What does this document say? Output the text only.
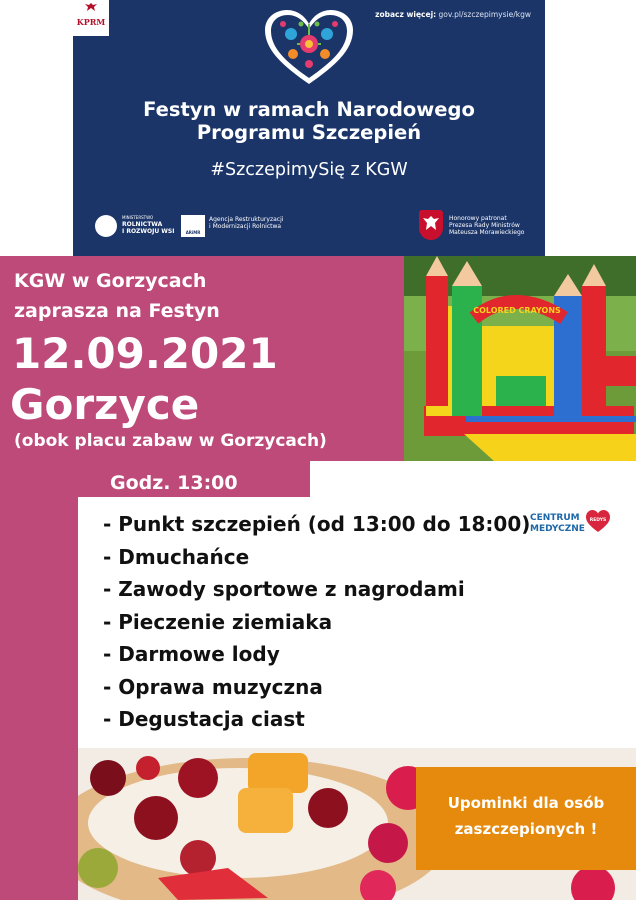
KPRM
zobacz więcej: gov.pl/szczepimysie/kgw
Festyn w ramach Narodowego
Programu Szczepień
#SzczepimySię z KGW
MINISTERSTWO
ROLNICTWA
I ROZWOJU WSI	ARiMR
Agencja Restrukturyzacji
i Modernizacji Rolnictwa
Honorowy patronat
Prezesa Rady Ministrów
Mateusza Morawieckiego
KGW w Gorzycach
zaprasza na Festyn
12.09.2021
Gorzyce
(obok placu zabaw w Gorzycach)
COLORED CRAYONS
Godz. 13:00
- Punkt szczepień (od 13:00 do 18:00)
- Dmuchańce
- Zawody sportowe z nagrodami
- Pieczenie ziemiaka
- Darmowe lody
- Oprawa muzyczna
- Degustacja ciast
CENTRUM
MEDYCZNE
REDYS
Upominki dla osób
zaszczepionych !
